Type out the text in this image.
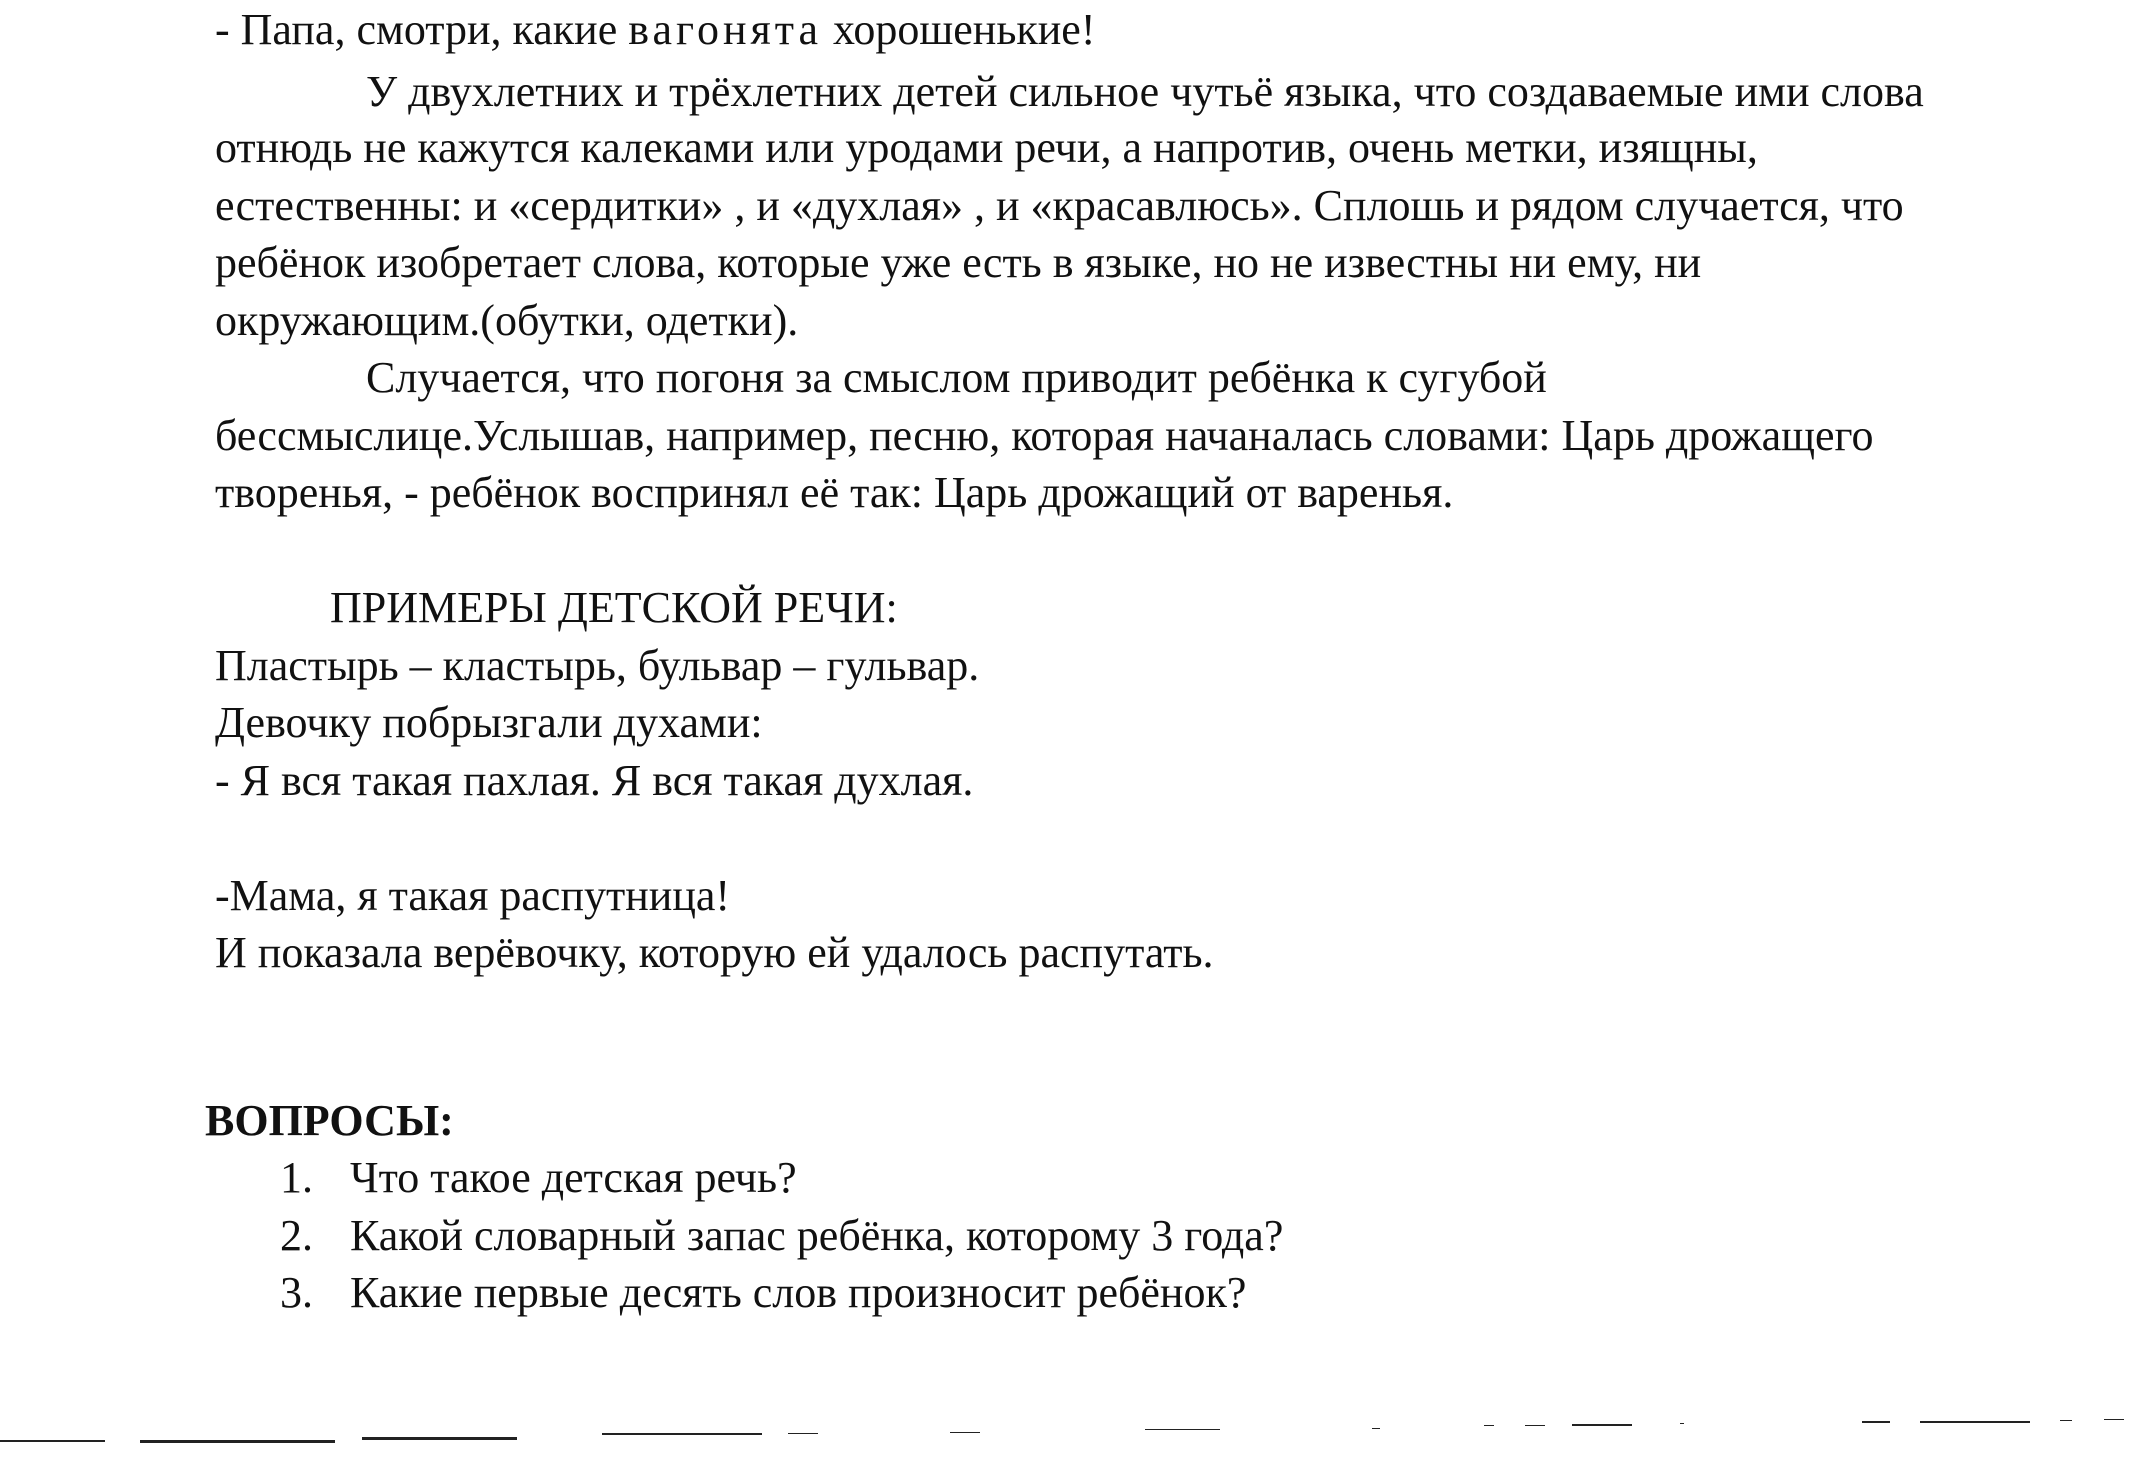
- Папа, смотри, какие вагонята хорошенькие!
У двухлетних и трёхлетних детей сильное чутьё языка, что создаваемые ими слова
отнюдь не кажутся калеками или уродами речи, а напротив, очень метки, изящны,
естественны: и «сердитки» , и «духлая» , и «красавлюсь». Сплошь и рядом случается, что
ребёнок изобретает слова, которые уже есть в языке, но не известны ни ему, ни
окружающим.(обутки, одетки).
Случается, что погоня за смыслом приводит ребёнка к сугубой
бессмыслице.Услышав, например, песню, которая начаналась словами: Царь дрожащего
творенья, - ребёнок воспринял её так: Царь дрожащий от варенья.
ПРИМЕРЫ ДЕТСКОЙ РЕЧИ:
Пластырь – кластырь, бульвар – гульвар.
Девочку побрызгали духами:
- Я вся такая пахлая. Я вся такая духлая.
-Мама, я такая распутница!
И показала верёвочку, которую ей удалось распутать.
ВОПРОСЫ:
1. Что такое детская речь?
2. Какой словарный запас ребёнка, которому 3 года?
3. Какие первые десять слов произносит ребёнок?
